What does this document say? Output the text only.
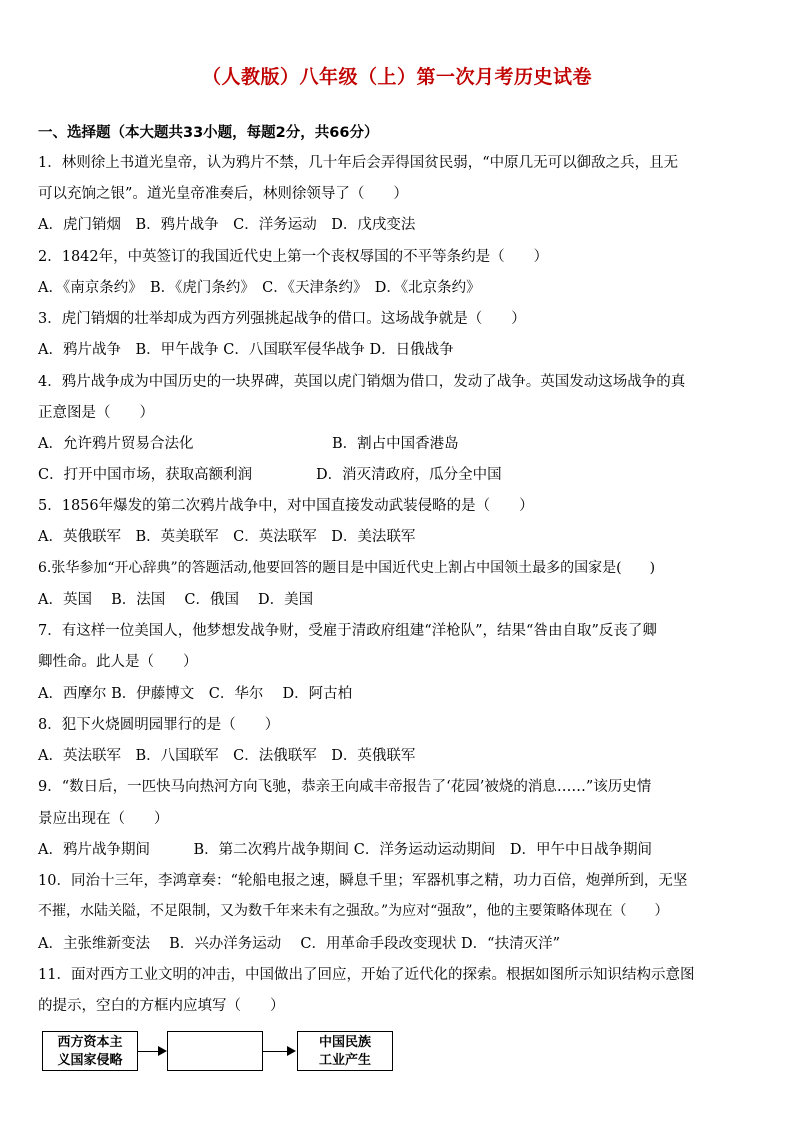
（人教版）八年级（上）第一次月考历史试卷
一、选择题（本大题共33小题，每题2分，共66分）
1．林则徐上书道光皇帝，认为鸦片不禁，几十年后会弄得国贫民弱，“中原几无可以御敌之兵，且无
可以充饷之银”。道光皇帝准奏后，林则徐领导了（　　）
A．虎门销烟　B．鸦片战争　C．洋务运动　D．戊戌变法
2．1842年，中英签订的我国近代史上第一个丧权辱国的不平等条约是（　　）
A．《南京条约》　B．《虎门条约》　C．《天津条约》　D．《北京条约》
3．虎门销烟的壮举却成为西方列强挑起战争的借口。这场战争就是（　　）
A．鸦片战争　B．甲午战争 C．八国联军侵华战争 D．日俄战争
4．鸦片战争成为中国历史的一块界碑，英国以虎门销烟为借口，发动了战争。英国发动这场战争的真
正意图是（　　）
A．允许鸦片贸易合法化	B．割占中国香港岛
C．打开中国市场，获取高额利润	D．消灭清政府，瓜分全中国
5．1856年爆发的第二次鸦片战争中，对中国直接发动武装侵略的是（　　）
A．英俄联军　B．英美联军　C．英法联军　D．美法联军
6.张华参加“开心辞典”的答题活动,他要回答的题目是中国近代史上割占中国领土最多的国家是(　　)
A．英国　 B．法国　 C．俄国　 D．美国
7．有这样一位美国人，他梦想发战争财，受雇于清政府组建“洋枪队”，结果“咎由自取”反丧了卿
卿性命。此人是（　　）
A．西摩尔 B．伊藤博文　C．华尔　 D．阿古柏
8．犯下火烧圆明园罪行的是（　　）
A．英法联军　B．八国联军　C．法俄联军　D．英俄联军
9．“数日后，一匹快马向热河方向飞驰，恭亲王向咸丰帝报告了‘花园’被烧的消息……”该历史情
景应出现在（　　）
A．鸦片战争期间　　　B．第二次鸦片战争期间 C．洋务运动运动期间　D．甲午中日战争期间
10．同治十三年，李鸿章奏：“轮船电报之速，瞬息千里；军器机事之精，功力百倍，炮弹所到，无坚
不摧，水陆关隘，不足限制，又为数千年来未有之强敌。”为应对“强敌”，他的主要策略体现在（　　）
A．主张维新变法　 B．兴办洋务运动　 C．用革命手段改变现状 D．“扶清灭洋”
11．面对西方工业文明的冲击，中国做出了回应，开始了近代化的探索。根据如图所示知识结构示意图
的提示，空白的方框内应填写（　　）
西方资本主
义国家侵略
中国民族
工业产生
